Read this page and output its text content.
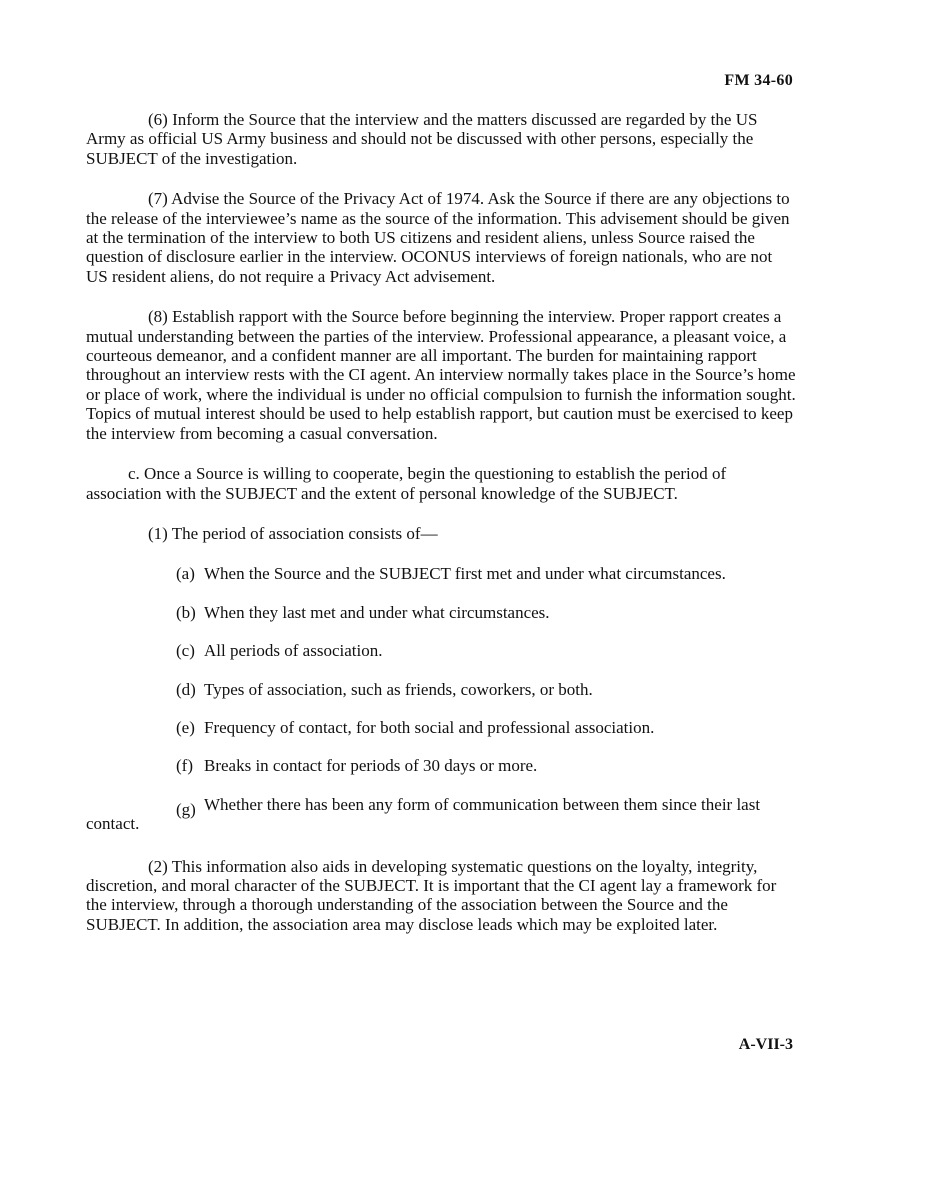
FM 34-60

(6) Inform the Source that the interview and the matters discussed are regarded by the US Army as official US Army business and should not be discussed with other persons, especially the SUBJECT of the investigation.

(7) Advise the Source of the Privacy Act of 1974. Ask the Source if there are any objections to the release of the interviewee’s name as the source of the information. This advisement should be given at the termination of the interview to both US citizens and resident aliens, unless Source raised the question of disclosure earlier in the interview. OCONUS interviews of foreign nationals, who are not US resident aliens, do not require a Privacy Act advisement.

(8) Establish rapport with the Source before beginning the interview. Proper rapport creates a mutual understanding between the parties of the interview. Professional appearance, a pleasant voice, a courteous demeanor, and a confident manner are all important. The burden for maintaining rapport throughout an interview rests with the CI agent. An interview normally takes place in the Source’s home or place of work, where the individual is under no official compulsion to furnish the information sought. Topics of mutual interest should be used to help establish rapport, but caution must be exercised to keep the interview from becoming a casual conversation.

c. Once a Source is willing to cooperate, begin the questioning to establish the period of association with the SUBJECT and the extent of personal knowledge of the SUBJECT.

(1) The period of association consists of—

(a) When the Source and the SUBJECT first met and under what circumstances.
(b) When they last met and under what circumstances.
(c) All periods of association.
(d) Types of association, such as friends, coworkers, or both.
(e) Frequency of contact, for both social and professional association.
(f) Breaks in contact for periods of 30 days or more.
(g) Whether there has been any form of communication between them since their last
contact.

(2) This information also aids in developing systematic questions on the loyalty, integrity, discretion, and moral character of the SUBJECT. It is important that the CI agent lay a framework for the interview, through a thorough understanding of the association between the Source and the SUBJECT. In addition, the association area may disclose leads which may be exploited later.

A-VII-3
